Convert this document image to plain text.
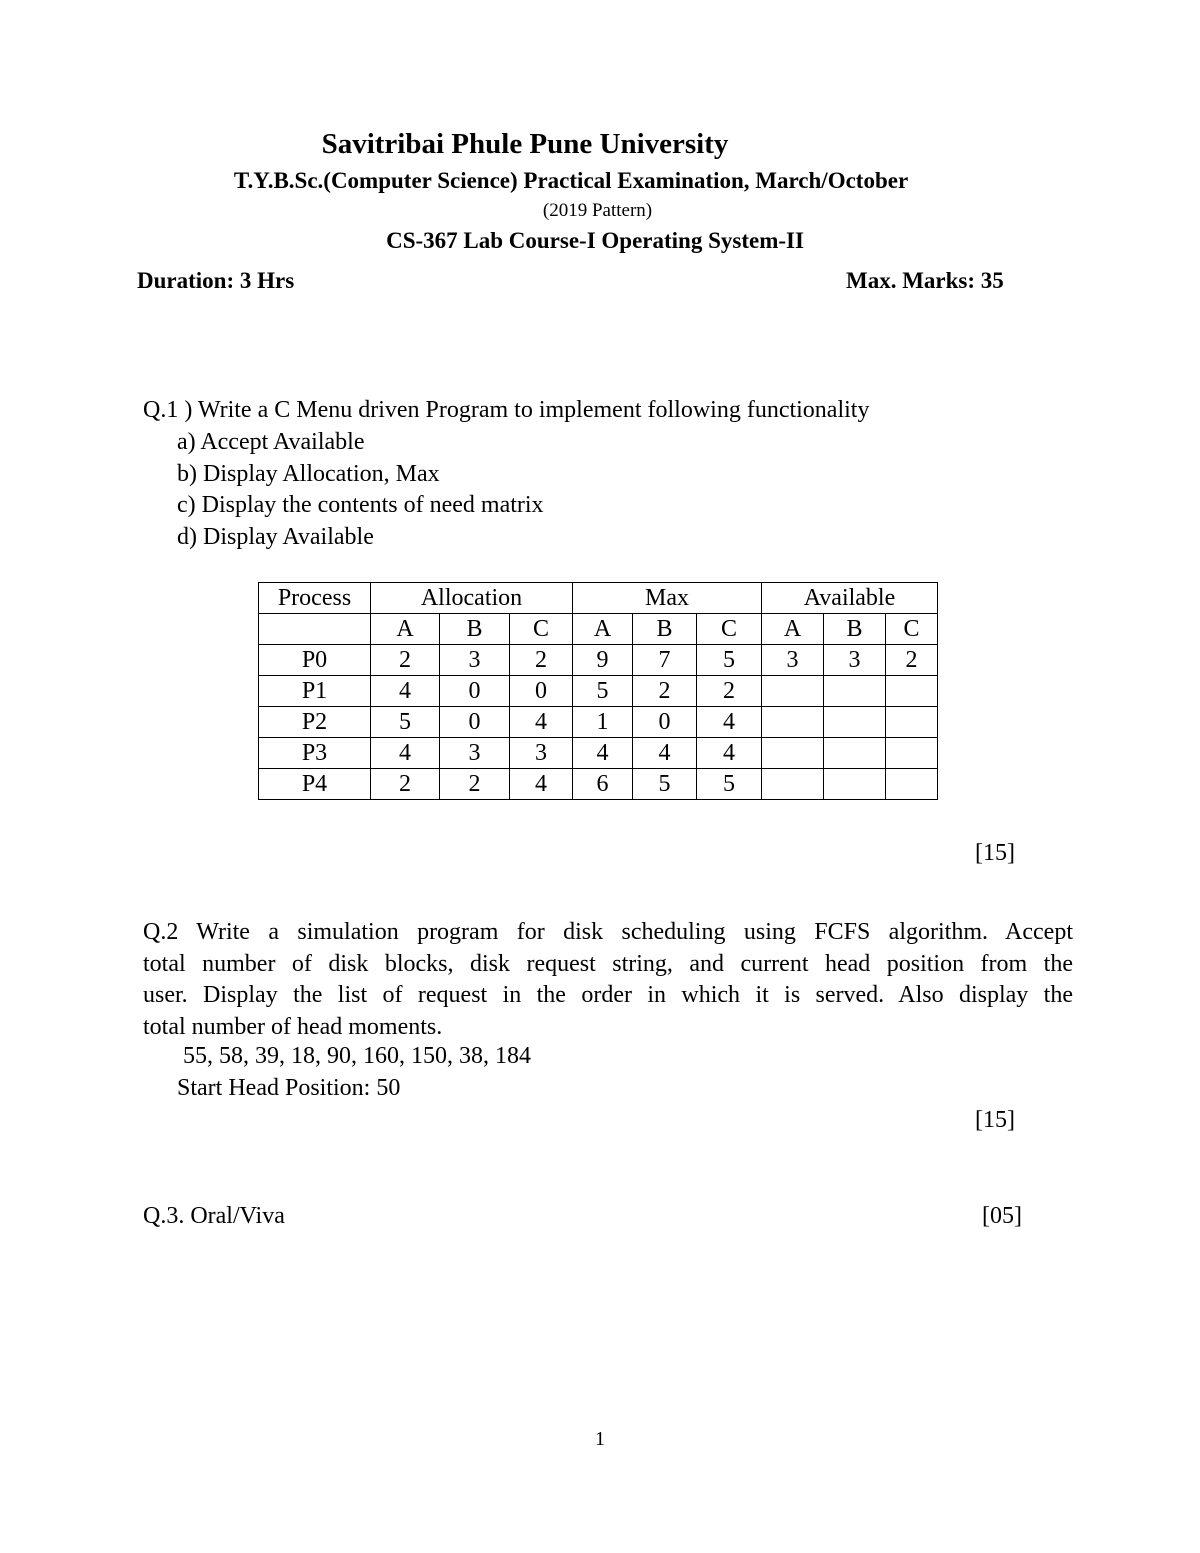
Savitribai Phule Pune University
T.Y.B.Sc.(Computer Science) Practical Examination, March/October
(2019 Pattern)
CS-367 Lab Course-I Operating System-II
Duration: 3 Hrs	Max. Marks: 35
Q.1 ) Write a C Menu driven Program to implement following functionality
a) Accept Available
b) Display Allocation, Max
c) Display the contents of need matrix
d) Display Available
Process	Allocation			Max			Available		
	A	B	C	A	B	C	A	B	C
P0	2	3	2	9	7	5	3	3	2
P1	4	0	0	5	2	2			
P2	5	0	4	1	0	4			
P3	4	3	3	4	4	4			
P4	2	2	4	6	5	5			
[15]
Q.2 Write a simulation program for disk scheduling using FCFS algorithm. Accept
total number of disk blocks, disk request string, and current head position from the
user. Display the list of request in the order in which it is served. Also display the
total number of head moments.
55, 58, 39, 18, 90, 160, 150, 38, 184
Start Head Position: 50
[15]
Q.3. Oral/Viva	[05]
1
